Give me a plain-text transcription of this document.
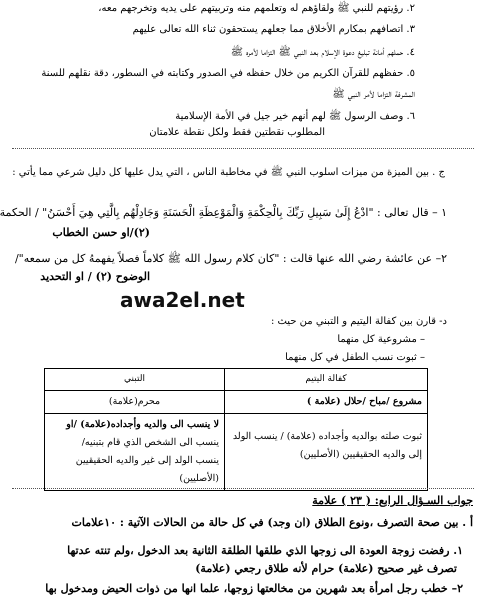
٢. رؤيتهم للنبي ﷺ ولقاؤهم له وتعلمهم منه وتربيتهم على يديه وتخرجهم معه،
٣. اتصافهم بمكارم الأخلاق مما جعلهم يستحقون ثناء الله تعالى عليهم
٤. حملهم أمانة تبليغ دعوة الإسلام بعد النبي ﷺ التزاما لأمره ﷺ
٥. حفظهم للقرآن الكريم من خلال حفظه في الصدور وكتابته في السطور، دقة نقلهم للسنة
المشرفة التزاما لأمر النبي ﷺ
٦. وصف الرسول ﷺ لهم أنهم خير جيل في الأمة الإسلامية
المطلوب نقطتين فقط ولكل نقطة علامتان
ج . بين الميزة من ميزات اسلوب النبي ﷺ في مخاطبة الناس ، التي يدل عليها كل دليل شرعي مما يأتي :
١ – قال تعالى : "ادْعُ إِلَىٰ سَبِيلِ رَبِّكَ بِالْحِكْمَةِ وَالْمَوْعِظَةِ الْحَسَنَةِ وَجَادِلْهُم بِالَّتِي هِيَ أَحْسَنُ" / الحكمة
(٢)/او حسن الخطاب
٢– عن عائشة رضي الله عنها قالت : "كان كلام رسول الله ﷺ كلاماً فصلاً يفهمهُ كل من سمعه"/
الوضوح (٢) / او التحديد
awa2el.net
د- قارن بين كفالة اليتيم و التبني من حيث :
– مشروعية كل منهما
– ثبوت نسب الطفل في كل منهما
كفالة اليتيم	التبني
مشروع /مباح /حلال (علامة )	محرم(علامة)
ثبوت صلته بوالديه وأجداده (علامة) / ينسب الولد إلى والديه الحقيقيين (الأصليين)	لا ينسب الى والديه وأجداده(علامة) /او
ينسب الى الشخص الذي قام بتبنيه/
ينسب الولد إلى غير والديه الحقيقيين (الأصليين)
جواب السـؤال الرابع: ( ٢٣ ) علامة
أ . بين صحة التصرف ،ونوع الطلاق (ان وجد) في كل حالة من الحالات الآتية : ١٠علامات
١. رفضت زوجة العودة الى زوجها الذي طلقها الطلقة الثانية بعد الدخول ،ولم تنته عدتها
تصرف غير صحيح (علامة) حرام لأنه طلاق رجعي (علامة)
٢– خطب رجل امرأة بعد شهرين من مخالعتها زوجها، علما انها من ذوات الحيض ومدخول بها
